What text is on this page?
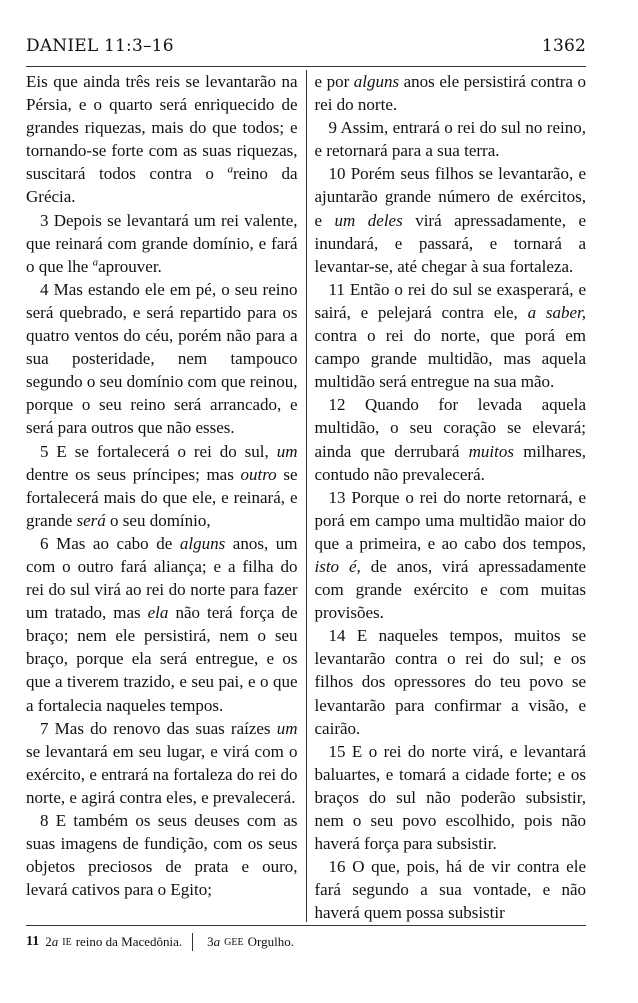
DANIEL 11:3–16	1362

Eis que ainda três reis se levantarão na Pérsia, e o quarto será enriquecido de grandes riquezas, mais do que todos; e tornando-se forte com as suas riquezas, suscitará todos contra o $^a$reino da Grécia.

3 Depois se levantará um rei valente, que reinará com grande domínio, e fará o que lhe $^a$aprouver.

4 Mas estando ele em pé, o seu reino será quebrado, e será repartido para os quatro ventos do céu, porém não para a sua posteridade, nem tampouco segundo o seu domínio com que reinou, porque o seu reino será arrancado, e será para outros que não esses.

5 E se fortalecerá o rei do sul, um dentre os seus príncipes; mas outro se fortalecerá mais do que ele, e reinará, e grande será o seu domínio,

6 Mas ao cabo de alguns anos, um com o outro fará aliança; e a filha do rei do sul virá ao rei do norte para fazer um tratado, mas ela não terá força de braço; nem ele persistirá, nem o seu braço, porque ela será entregue, e os que a tiverem trazido, e seu pai, e o que a fortalecia naqueles tempos.

7 Mas do renovo das suas raízes um se levantará em seu lugar, e virá com o exército, e entrará na fortaleza do rei do norte, e agirá contra eles, e prevalecerá.

8 E também os seus deuses com as suas imagens de fundição, com os seus objetos preciosos de prata e ouro, levará cativos para o Egito;

e por alguns anos ele persistirá contra o rei do norte.

9 Assim, entrará o rei do sul no reino, e retornará para a sua terra.

10 Porém seus filhos se levantarão, e ajuntarão grande número de exércitos, e um deles virá apressadamente, e inundará, e passará, e tornará a levantar-se, até chegar à sua fortaleza.

11 Então o rei do sul se exasperará, e sairá, e pelejará contra ele, a saber, contra o rei do norte, que porá em campo grande multidão, mas aquela multidão será entregue na sua mão.

12 Quando for levada aquela multidão, o seu coração se elevará; ainda que derrubará muitos milhares, contudo não prevalecerá.

13 Porque o rei do norte retornará, e porá em campo uma multidão maior do que a primeira, e ao cabo dos tempos, isto é, de anos, virá apressadamente com grande exército e com muitas provisões.

14 E naqueles tempos, muitos se levantarão contra o rei do sul; e os filhos dos opressores do teu povo se levantarão para confirmar a visão, e cairão.

15 E o rei do norte virá, e levantará baluartes, e tomará a cidade forte; e os braços do sul não poderão subsistir, nem o seu povo escolhido, pois não haverá força para subsistir.

16 O que, pois, há de vir contra ele fará segundo a sua vontade, e não haverá quem possa subsistir

11 2 a IE reino da Macedônia. 3 a GEE Orgulho.
